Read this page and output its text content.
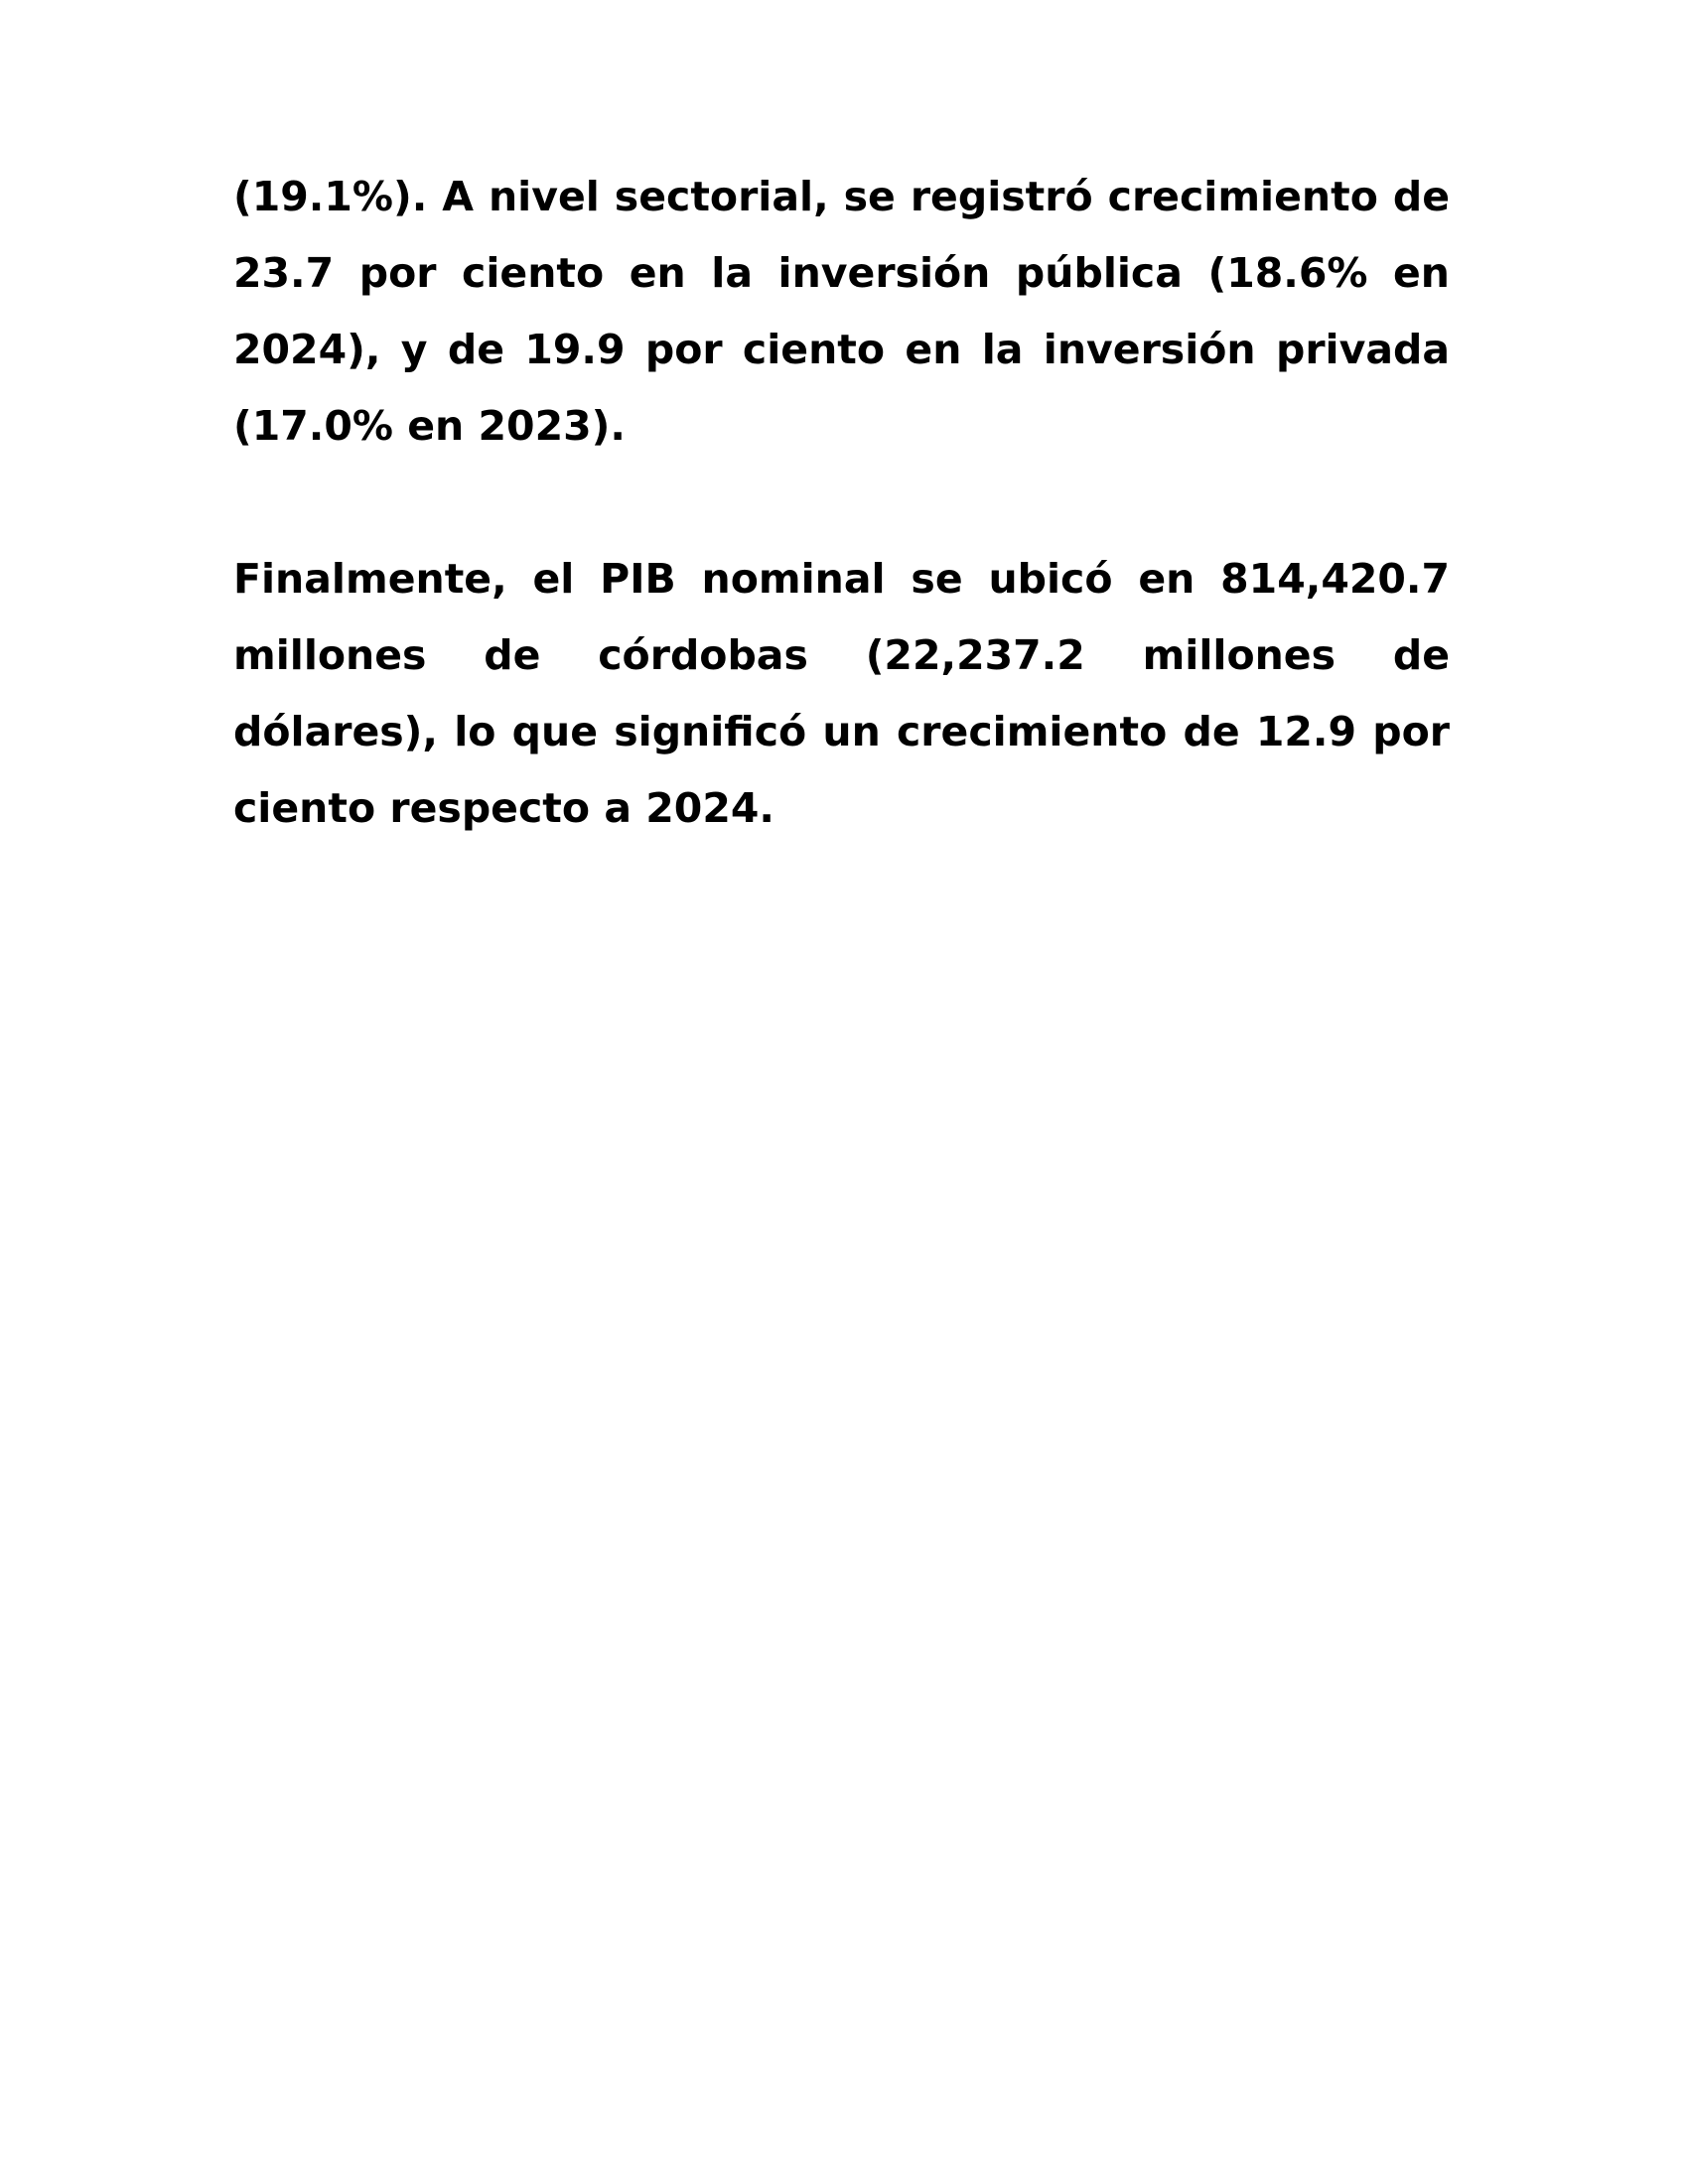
(19.1%). A nivel sectorial, se registró crecimiento de 23.7 por ciento en la inversión pública (18.6% en 2024), y de 19.9 por ciento en la inversión privada (17.0% en 2023).

Finalmente, el PIB nominal se ubicó en 814,420.7 millones de córdobas (22,237.2 millones de dólares), lo que significó un crecimiento de 12.9 por ciento respecto a 2024.
